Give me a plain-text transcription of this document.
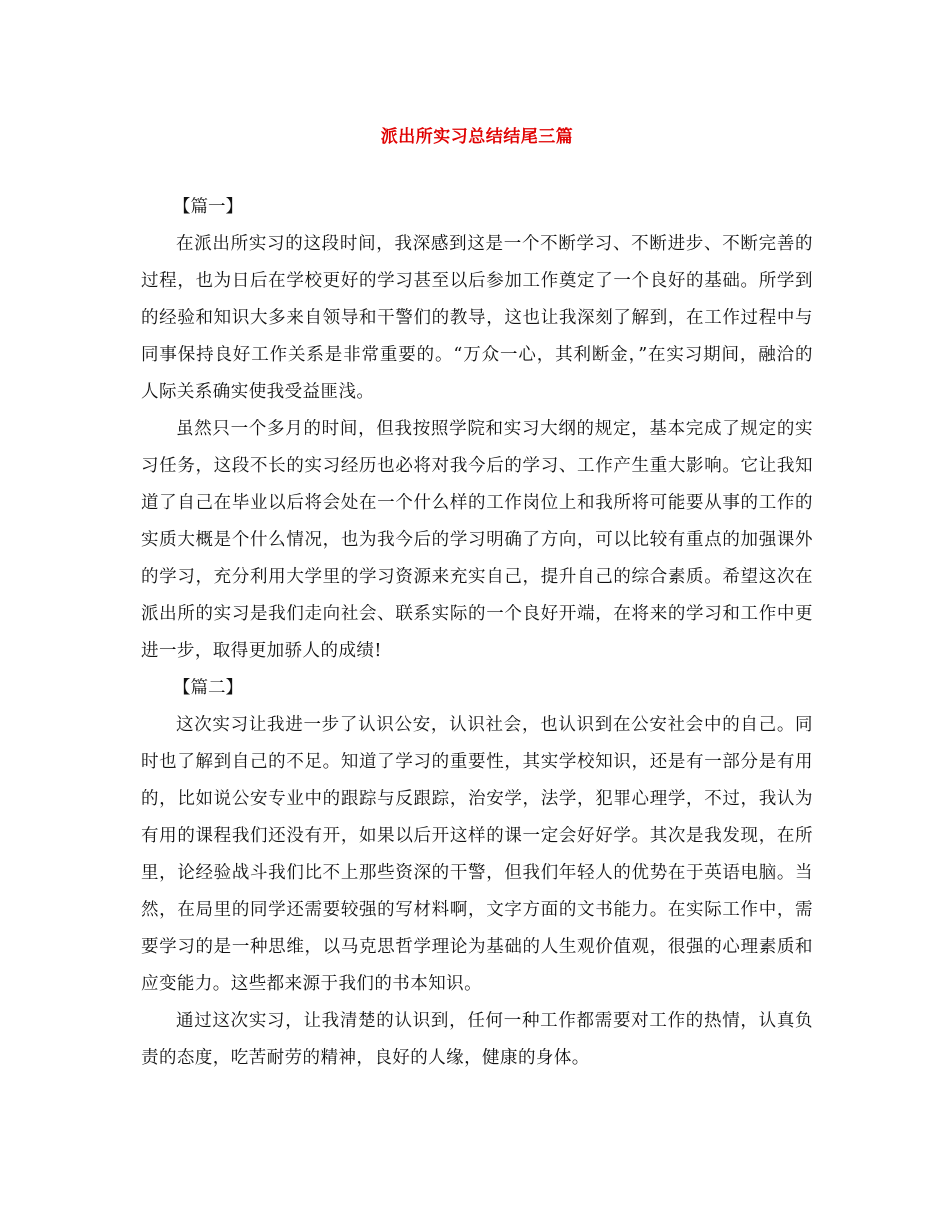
派出所实习总结结尾三篇

【篇一】

在派出所实习的这段时间，我深感到这是一个不断学习、不断进步、不断完善的过程，也为日后在学校更好的学习甚至以后参加工作奠定了一个良好的基础。所学到的经验和知识大多来自领导和干警们的教导，这也让我深刻了解到，在工作过程中与同事保持良好工作关系是非常重要的。“万众一心，其利断金，”在实习期间，融洽的人际关系确实使我受益匪浅。

虽然只一个多月的时间，但我按照学院和实习大纲的规定，基本完成了规定的实习任务，这段不长的实习经历也必将对我今后的学习、工作产生重大影响。它让我知道了自己在毕业以后将会处在一个什么样的工作岗位上和我所将可能要从事的工作的实质大概是个什么情况，也为我今后的学习明确了方向，可以比较有重点的加强课外的学习，充分利用大学里的学习资源来充实自己，提升自己的综合素质。希望这次在派出所的实习是我们走向社会、联系实际的一个良好开端，在将来的学习和工作中更进一步，取得更加骄人的成绩!

【篇二】

这次实习让我进一步了认识公安，认识社会，也认识到在公安社会中的自己。同时也了解到自己的不足。知道了学习的重要性，其实学校知识，还是有一部分是有用的，比如说公安专业中的跟踪与反跟踪，治安学，法学，犯罪心理学，不过，我认为有用的课程我们还没有开，如果以后开这样的课一定会好好学。其次是我发现，在所里，论经验战斗我们比不上那些资深的干警，但我们年轻人的优势在于英语电脑。当然，在局里的同学还需要较强的写材料啊，文字方面的文书能力。在实际工作中，需要学习的是一种思维，以马克思哲学理论为基础的人生观价值观，很强的心理素质和应变能力。这些都来源于我们的书本知识。

通过这次实习，让我清楚的认识到，任何一种工作都需要对工作的热情，认真负责的态度，吃苦耐劳的精神，良好的人缘，健康的身体。
